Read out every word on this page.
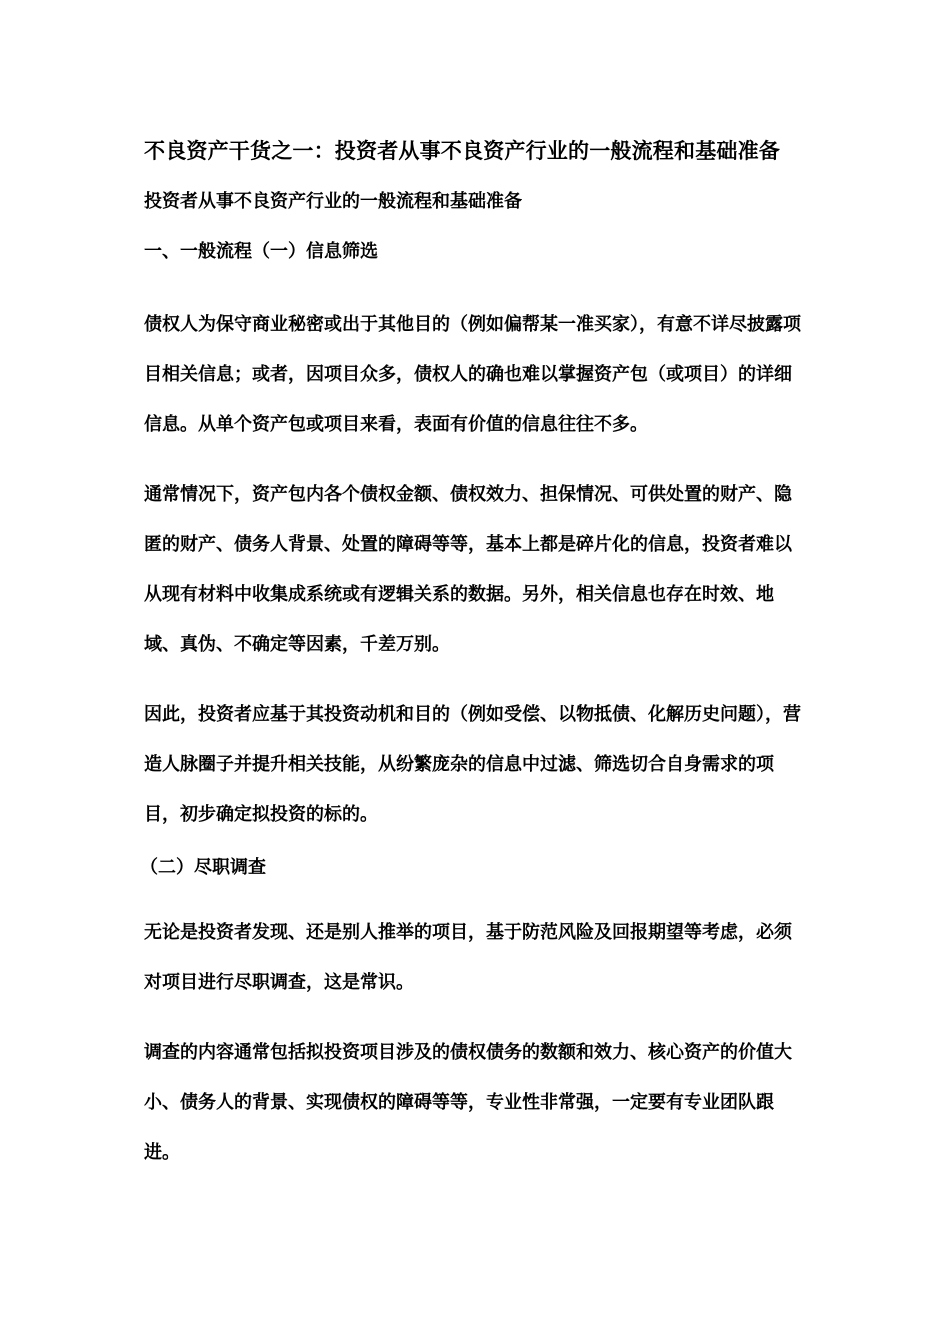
不良资产干货之一：投资者从事不良资产行业的一般流程和基础准备
投资者从事不良资产行业的一般流程和基础准备
一、一般流程（一）信息筛选

债权人为保守商业秘密或出于其他目的（例如偏帮某一准买家），有意不详尽披露项目相关信息；或者，因项目众多，债权人的确也难以掌握资产包（或项目）的详细信息。从单个资产包或项目来看，表面有价值的信息往往不多。

通常情况下，资产包内各个债权金额、债权效力、担保情况、可供处置的财产、隐匿的财产、债务人背景、处置的障碍等等，基本上都是碎片化的信息，投资者难以从现有材料中收集成系统或有逻辑关系的数据。另外，相关信息也存在时效、地域、真伪、不确定等因素，千差万别。

因此，投资者应基于其投资动机和目的（例如受偿、以物抵债、化解历史问题），营造人脉圈子并提升相关技能，从纷繁庞杂的信息中过滤、筛选切合自身需求的项目，初步确定拟投资的标的。

（二）尽职调查

无论是投资者发现、还是别人推举的项目，基于防范风险及回报期望等考虑，必须对项目进行尽职调查，这是常识。

调查的内容通常包括拟投资项目涉及的债权债务的数额和效力、核心资产的价值大小、债务人的背景、实现债权的障碍等等，专业性非常强，一定要有专业团队跟进。
